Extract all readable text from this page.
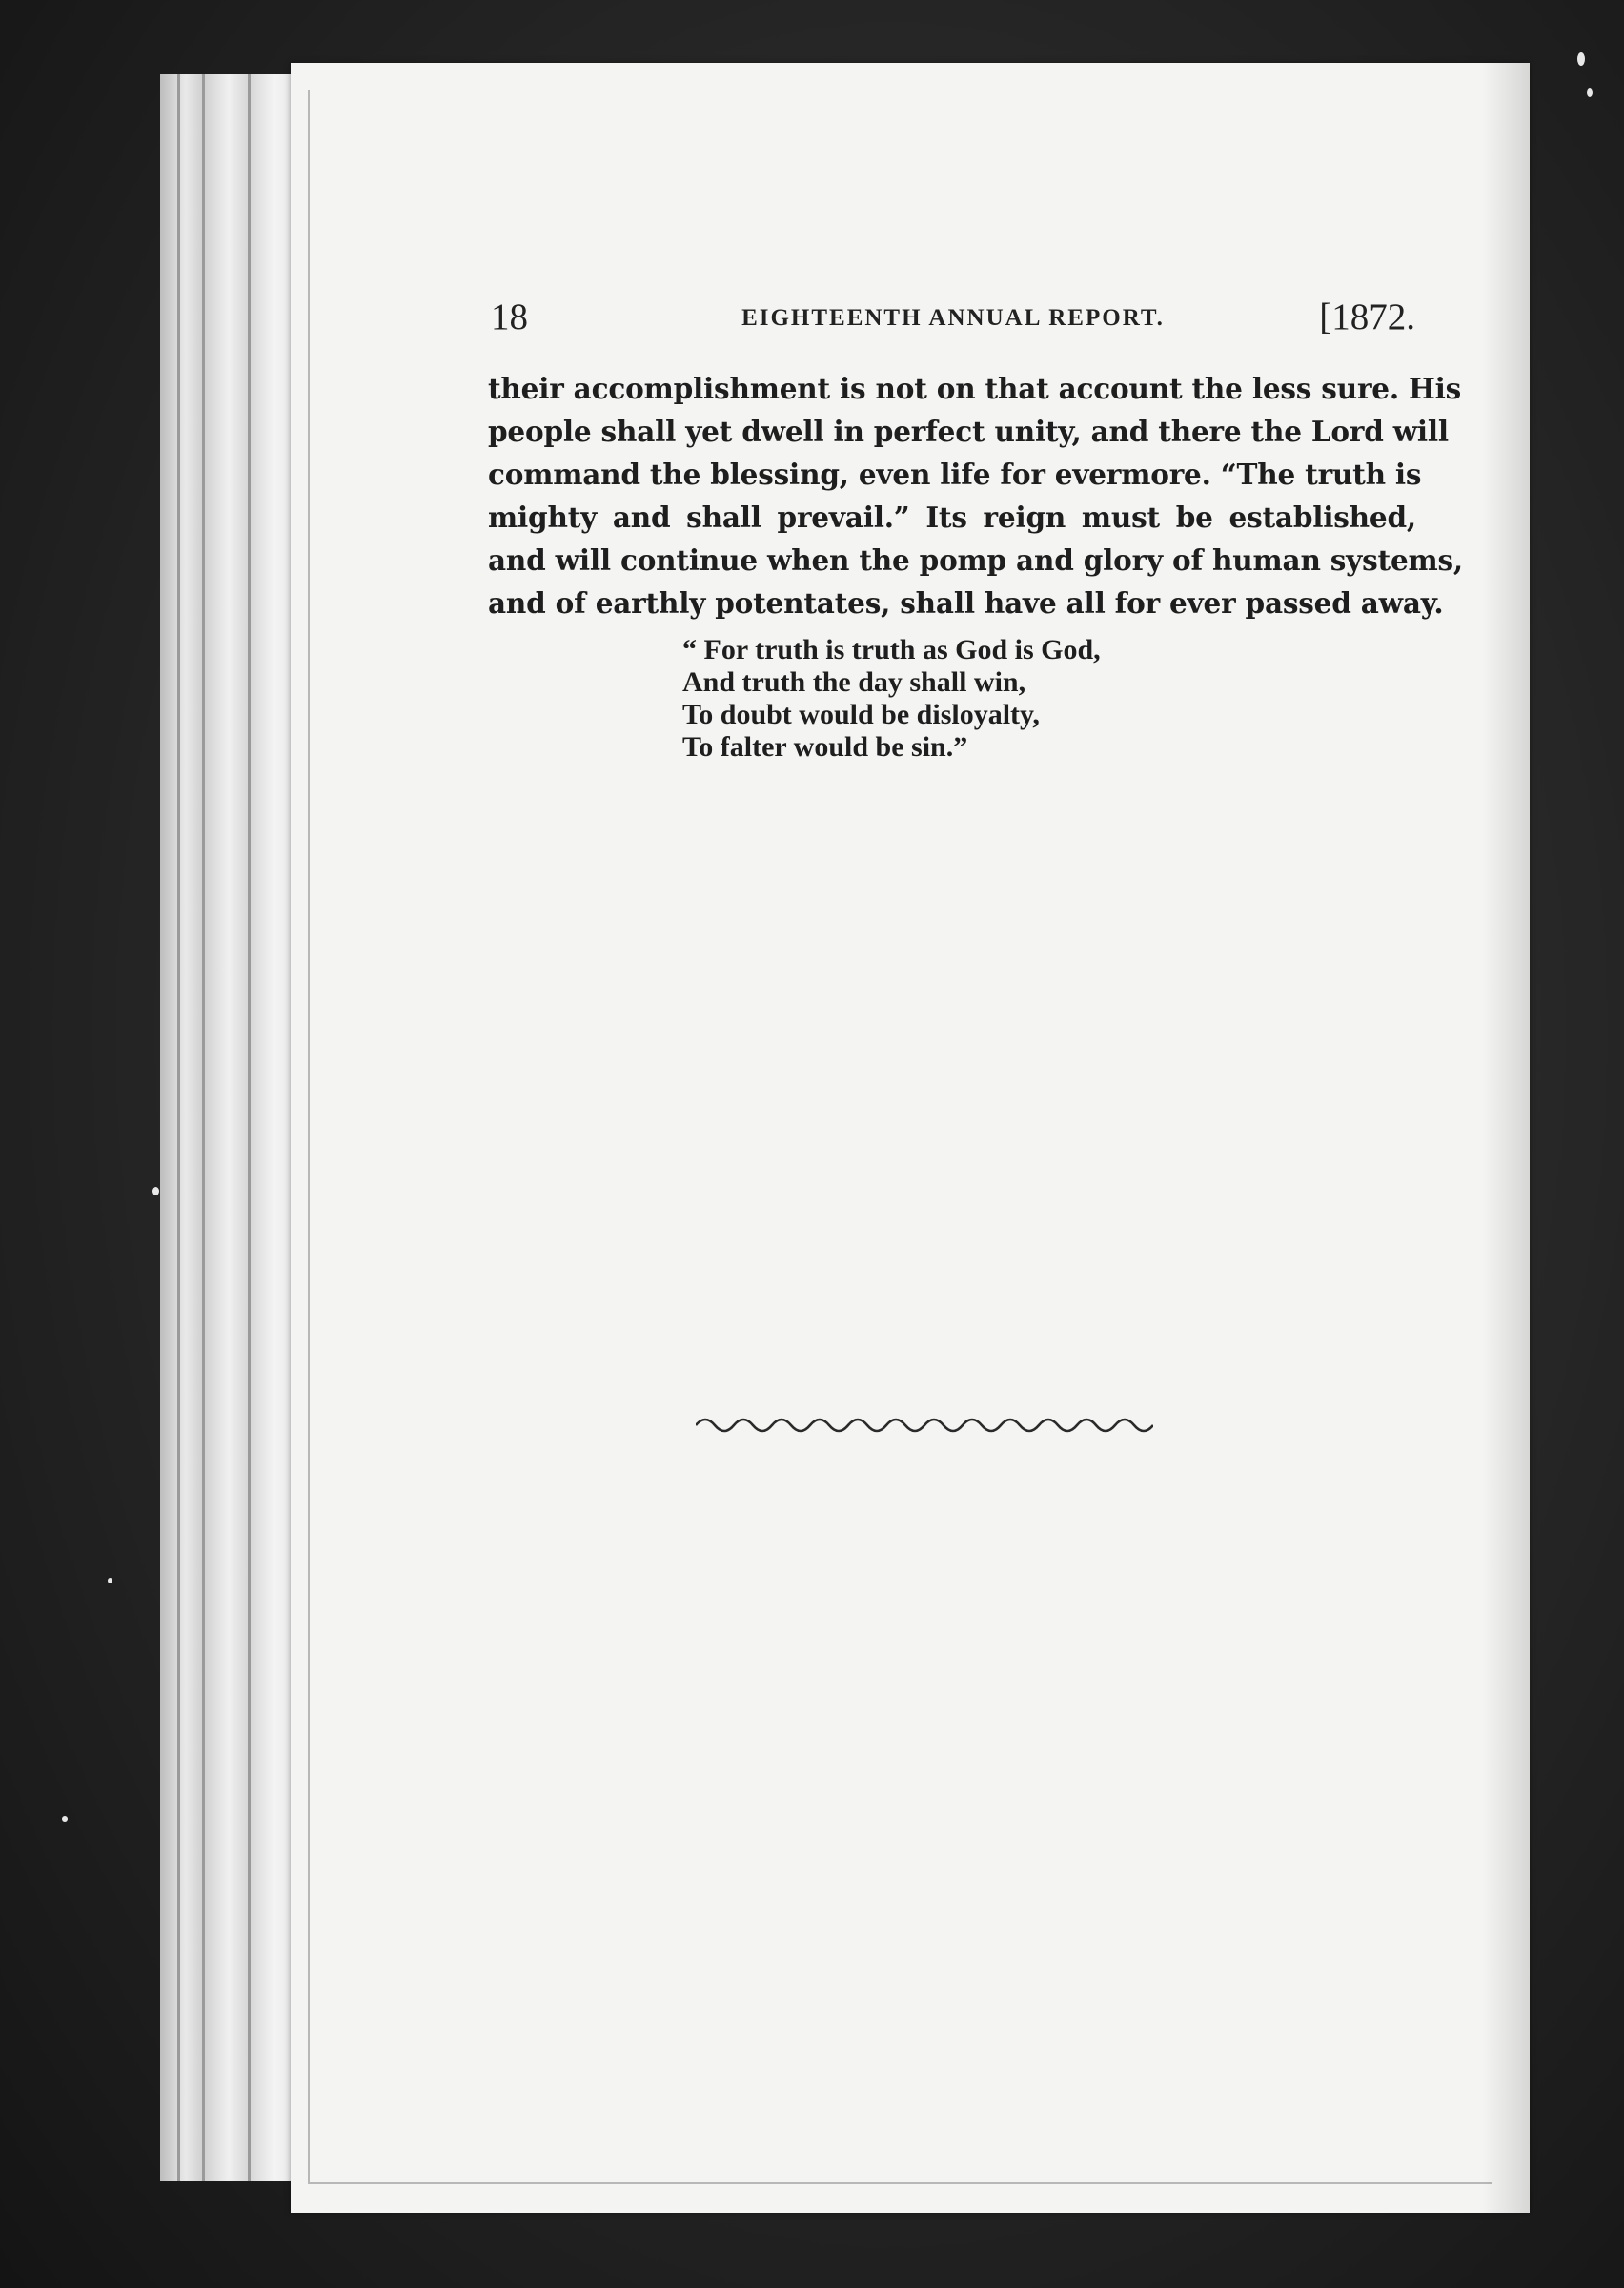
18	EIGHTEENTH ANNUAL REPORT.	[1872.
their accomplishment is not on that account the less sure. His
people shall yet dwell in perfect unity, and there the Lord will
command the blessing, even life for evermore. “The truth is
mighty and shall prevail.” Its reign must be established,
and will continue when the pomp and glory of human systems,
and of earthly potentates, shall have all for ever passed away.
“ For truth is truth as God is God,
And truth the day shall win,
To doubt would be disloyalty,
To falter would be sin.”
